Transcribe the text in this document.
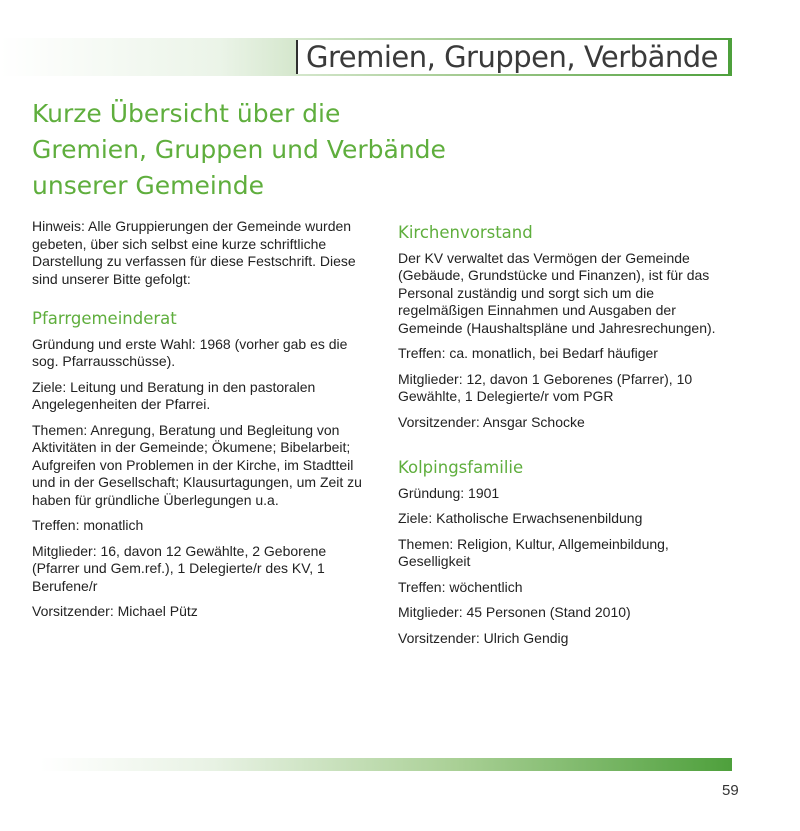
Gremien, Gruppen, Verbände
Kurze Übersicht über die
Gremien, Gruppen und Verbände
unserer Gemeinde

Hinweis: Alle Gruppierungen der Gemeinde wurden gebeten, über sich selbst eine kurze schriftliche Darstellung zu verfassen für diese Festschrift. Diese sind unserer Bitte gefolgt:

Pfarrgemeinderat

Gründung und erste Wahl: 1968 (vorher gab es die sog. Pfarrausschüsse).

Ziele: Leitung und Beratung in den pastoralen Angelegenheiten der Pfarrei.

Themen: Anregung, Beratung und Begleitung von Aktivitäten in der Gemeinde; Ökumene; Bibelarbeit; Aufgreifen von Problemen in der Kirche, im Stadtteil und in der Gesellschaft; Klausurtagungen, um Zeit zu haben für gründliche Überlegungen u.a.

Treffen: monatlich

Mitglieder: 16, davon 12 Gewählte, 2 Geborene (Pfarrer und Gem.ref.), 1 Delegierte/r des KV, 1 Berufene/r

Vorsitzender: Michael Pütz

Kirchenvorstand

Der KV verwaltet das Vermögen der Gemeinde (Gebäude, Grundstücke und Finanzen), ist für das Personal zuständig und sorgt sich um die regelmäßigen Einnahmen und Ausgaben der Gemeinde (Haushaltspläne und Jahresrechungen).

Treffen: ca. monatlich, bei Bedarf häufiger

Mitglieder: 12, davon 1 Geborenes (Pfarrer), 10 Gewählte, 1 Delegierte/r vom PGR

Vorsitzender: Ansgar Schocke

Kolpingsfamilie

Gründung: 1901

Ziele: Katholische Erwachsenenbildung

Themen: Religion, Kultur, Allgemeinbildung, Geselligkeit

Treffen: wöchentlich

Mitglieder: 45 Personen (Stand 2010)

Vorsitzender: Ulrich Gendig

59
